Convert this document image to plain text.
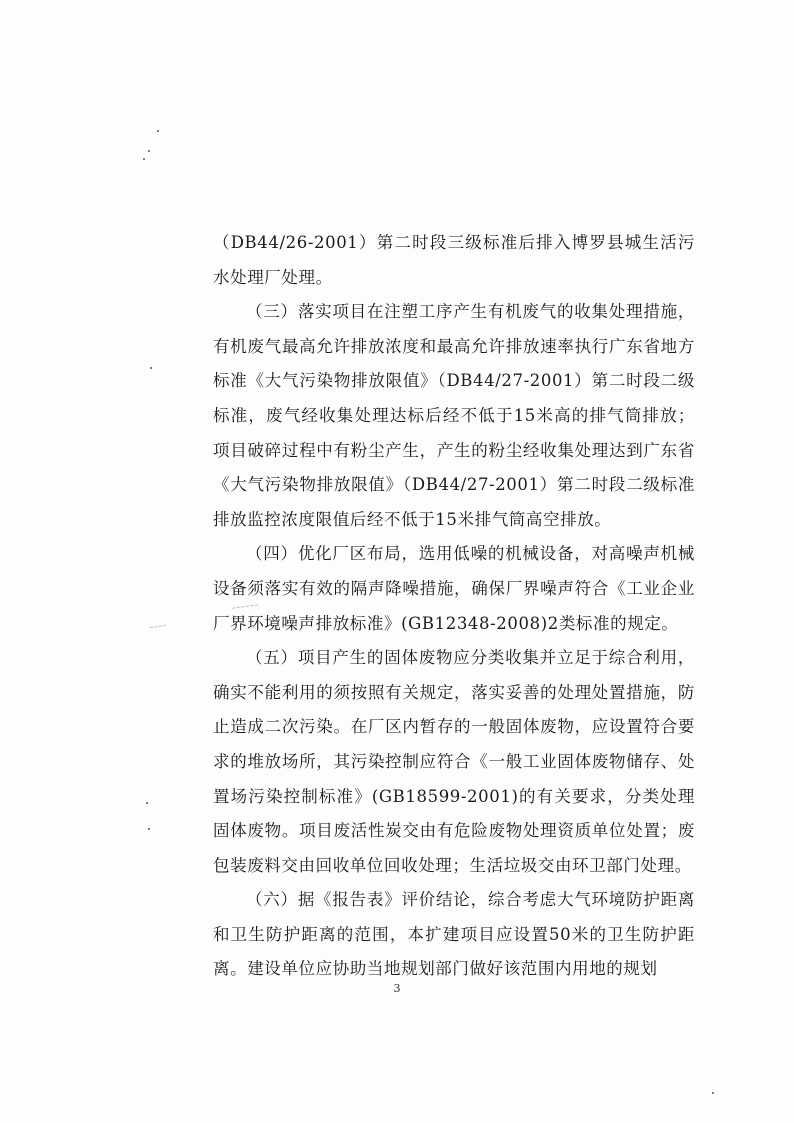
（DB44/26-2001）第二时段三级标准后排入博罗县城生活污水处理厂处理。

（三）落实项目在注塑工序产生有机废气的收集处理措施，有机废气最高允许排放浓度和最高允许排放速率执行广东省地方标准《大气污染物排放限值》（DB44/27-2001）第二时段二级标准，废气经收集处理达标后经不低于15米高的排气筒排放；项目破碎过程中有粉尘产生，产生的粉尘经收集处理达到广东省《大气污染物排放限值》（DB44/27-2001）第二时段二级标准排放监控浓度限值后经不低于15米排气筒高空排放。

（四）优化厂区布局，选用低噪的机械设备，对高噪声机械设备须落实有效的隔声降噪措施，确保厂界噪声符合《工业企业厂界环境噪声排放标准》(GB12348-2008)2类标准的规定。

（五）项目产生的固体废物应分类收集并立足于综合利用，确实不能利用的须按照有关规定，落实妥善的处理处置措施，防止造成二次污染。在厂区内暂存的一般固体废物，应设置符合要求的堆放场所，其污染控制应符合《一般工业固体废物储存、处置场污染控制标准》(GB18599-2001)的有关要求，分类处理固体废物。项目废活性炭交由有危险废物处理资质单位处置；废包装废料交由回收单位回收处理；生活垃圾交由环卫部门处理。

（六）据《报告表》评价结论，综合考虑大气环境防护距离和卫生防护距离的范围，本扩建项目应设置50米的卫生防护距离。建设单位应协助当地规划部门做好该范围内用地的规划

3
